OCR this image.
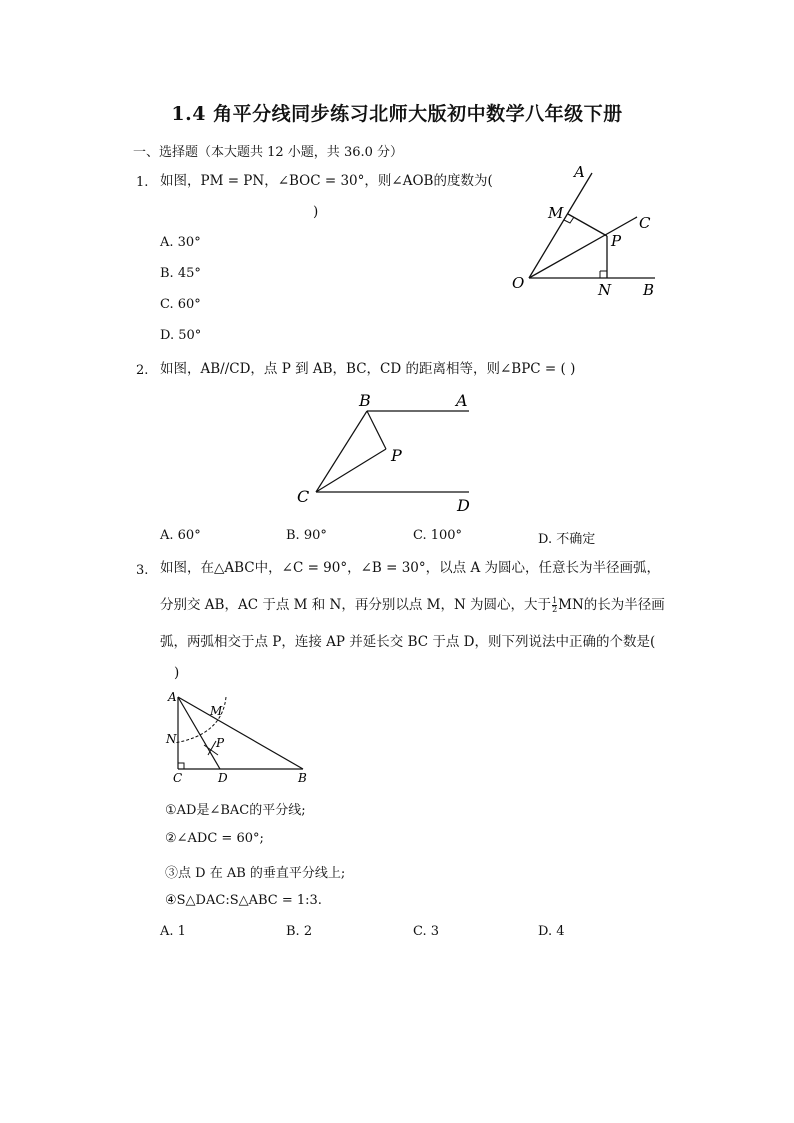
1.4 角平分线同步练习北师大版初中数学八年级下册
一、选择题（本大题共 12 小题，共 36.0 分）
1. 如图，PM = PN，∠BOC = 30°，则∠AOB的度数为(
)
A. 30°
B. 45°
C. 60°
D. 50°
A
C
M
P
O	N B
2. 如图，AB//CD，点 P 到 AB，BC，CD 的距离相等，则∠BPC = ( )
B	A
P
C	D
A. 60°	B. 90°	C. 100°	D. 不确定
3. 如图，在△ABC中，∠C = 90°，∠B = 30°，以点 A 为圆心，任意长为半径画弧，
分别交 AB，AC 于点 M 和 N，再分别以点 M，N 为圆心，大于 $\frac{1}{2}$ MN的长为半径画
弧，两弧相交于点 P，连接 AP 并延长交 BC 于点 D，则下列说法中正确的个数是(
)
A
M
N	P
C	D	B
①AD是∠BAC的平分线;
②∠ADC = 60°;
③点 D 在 AB 的垂直平分线上;
④S△DAC:S△ABC = 1:3.
A. 1	B. 2	C. 3	D. 4
